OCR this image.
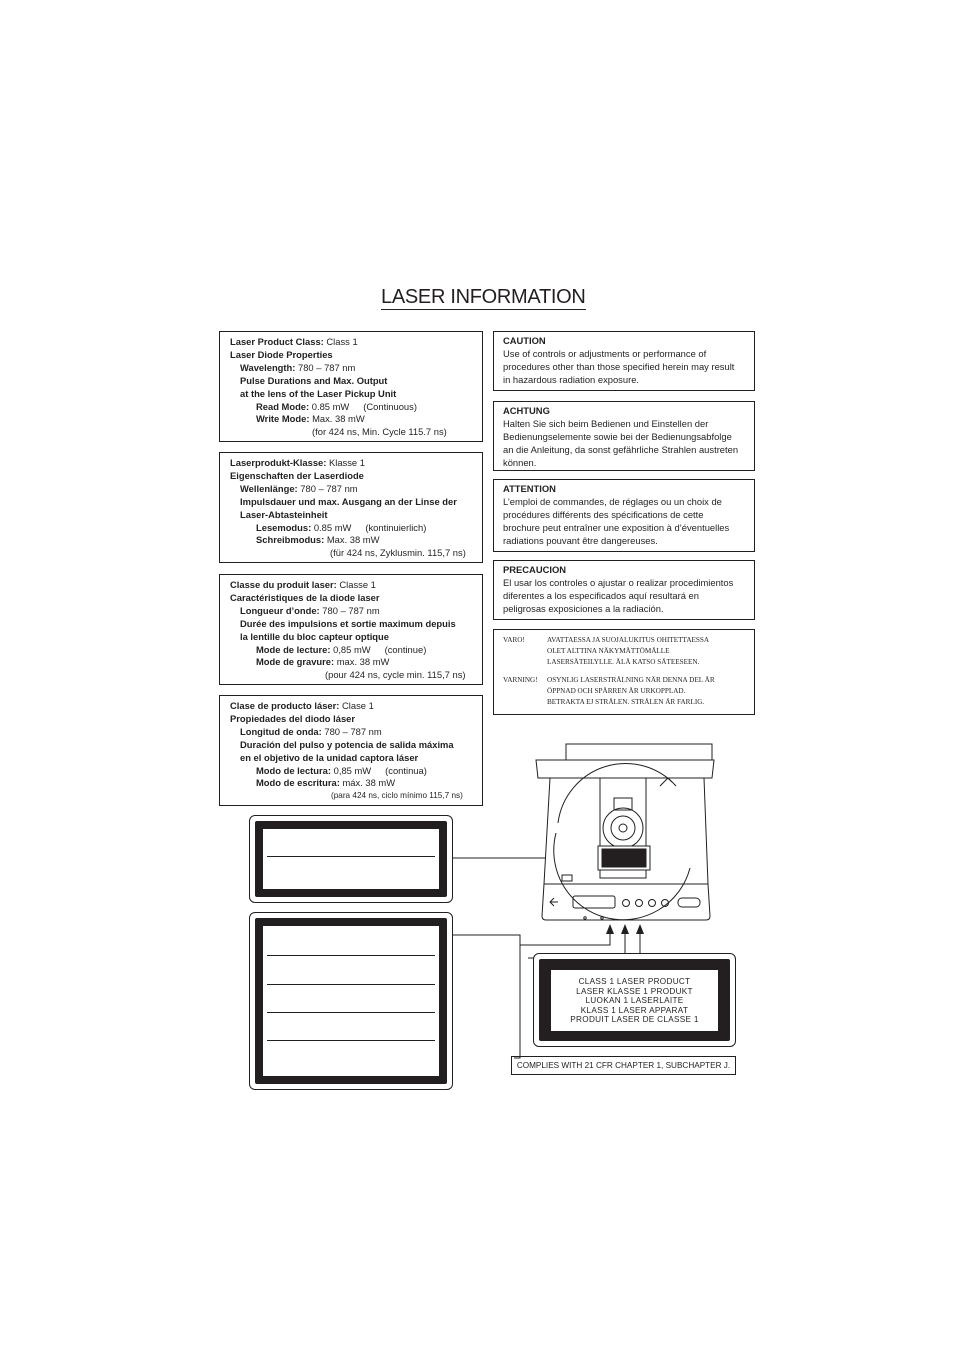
LASER INFORMATION
Laser Product Class: Class 1
Laser Diode Properties
Wavelength: 780 – 787 nm
Pulse Durations and Max. Output
at the lens of the Laser Pickup Unit
Read Mode: 0.85 mW (Continuous)
Write Mode: Max. 38 mW
(for 424 ns, Min. Cycle 115.7 ns)
Laserprodukt-Klasse: Klasse 1
Eigenschaften der Laserdiode
Wellenlänge: 780 – 787 nm
Impulsdauer und max. Ausgang an der Linse der
Laser-Abtasteinheit
Lesemodus: 0.85 mW (kontinuierlich)
Schreibmodus: Max. 38 mW
(für 424 ns, Zyklusmin. 115,7 ns)
Classe du produit laser: Classe 1
Caractéristiques de la diode laser
Longueur d’onde: 780 – 787 nm
Durée des impulsions et sortie maximum depuis
la lentille du bloc capteur optique
Mode de lecture: 0,85 mW (continue)
Mode de gravure: max. 38 mW
(pour 424 ns, cycle min. 115,7 ns)
Clase de producto láser: Clase 1
Propiedades del diodo láser
Longitud de onda: 780 – 787 nm
Duración del pulso y potencia de salida máxima
en el objetivo de la unidad captora láser
Modo de lectura: 0,85 mW (continua)
Modo de escritura: máx. 38 mW
(para 424 ns, ciclo mínimo 115,7 ns)
CAUTION
Use of controls or adjustments or performance of
procedures other than those specified herein may result
in hazardous radiation exposure.
ACHTUNG
Halten Sie sich beim Bedienen und Einstellen der
Bedienungselemente sowie bei der Bedienungsabfolge
an die Anleitung, da sonst gefährliche Strahlen austreten
können.
ATTENTION
L’emploi de commandes, de réglages ou un choix de
procédures différents des spécifications de cette
brochure peut entraîner une exposition à d’éventuelles
radiations pouvant être dangereuses.
PRECAUCION
El usar los controles o ajustar o realizar procedimientos
diferentes a los especificados aquí resultará en
peligrosas exposiciones a la radiación.
VARO!	AVATTAESSA JA SUOJALUKITUS OHITETTAESSA
OLET ALTTINA NÄKYMÄTTÖMÄLLE
LASERSÄTEILYLLE. ÄLÄ KATSO SÄTEESEEN.
VARNING! OSYNLIG LASERSTRÅLNING NÄR DENNA DEL ÄR
ÖPPNAD OCH SPÄRREN ÄR URKOPPLAD.
BETRAKTA EJ STRÅLEN. STRÅLEN ÄR FARLIG.
CLASS 1 LASER PRODUCT
LASER KLASSE 1 PRODUKT
LUOKAN 1 LASERLAITE
KLASS 1 LASER APPARAT
PRODUIT LASER DE CLASSE 1
COMPLIES WITH 21 CFR CHAPTER 1, SUBCHAPTER J.
